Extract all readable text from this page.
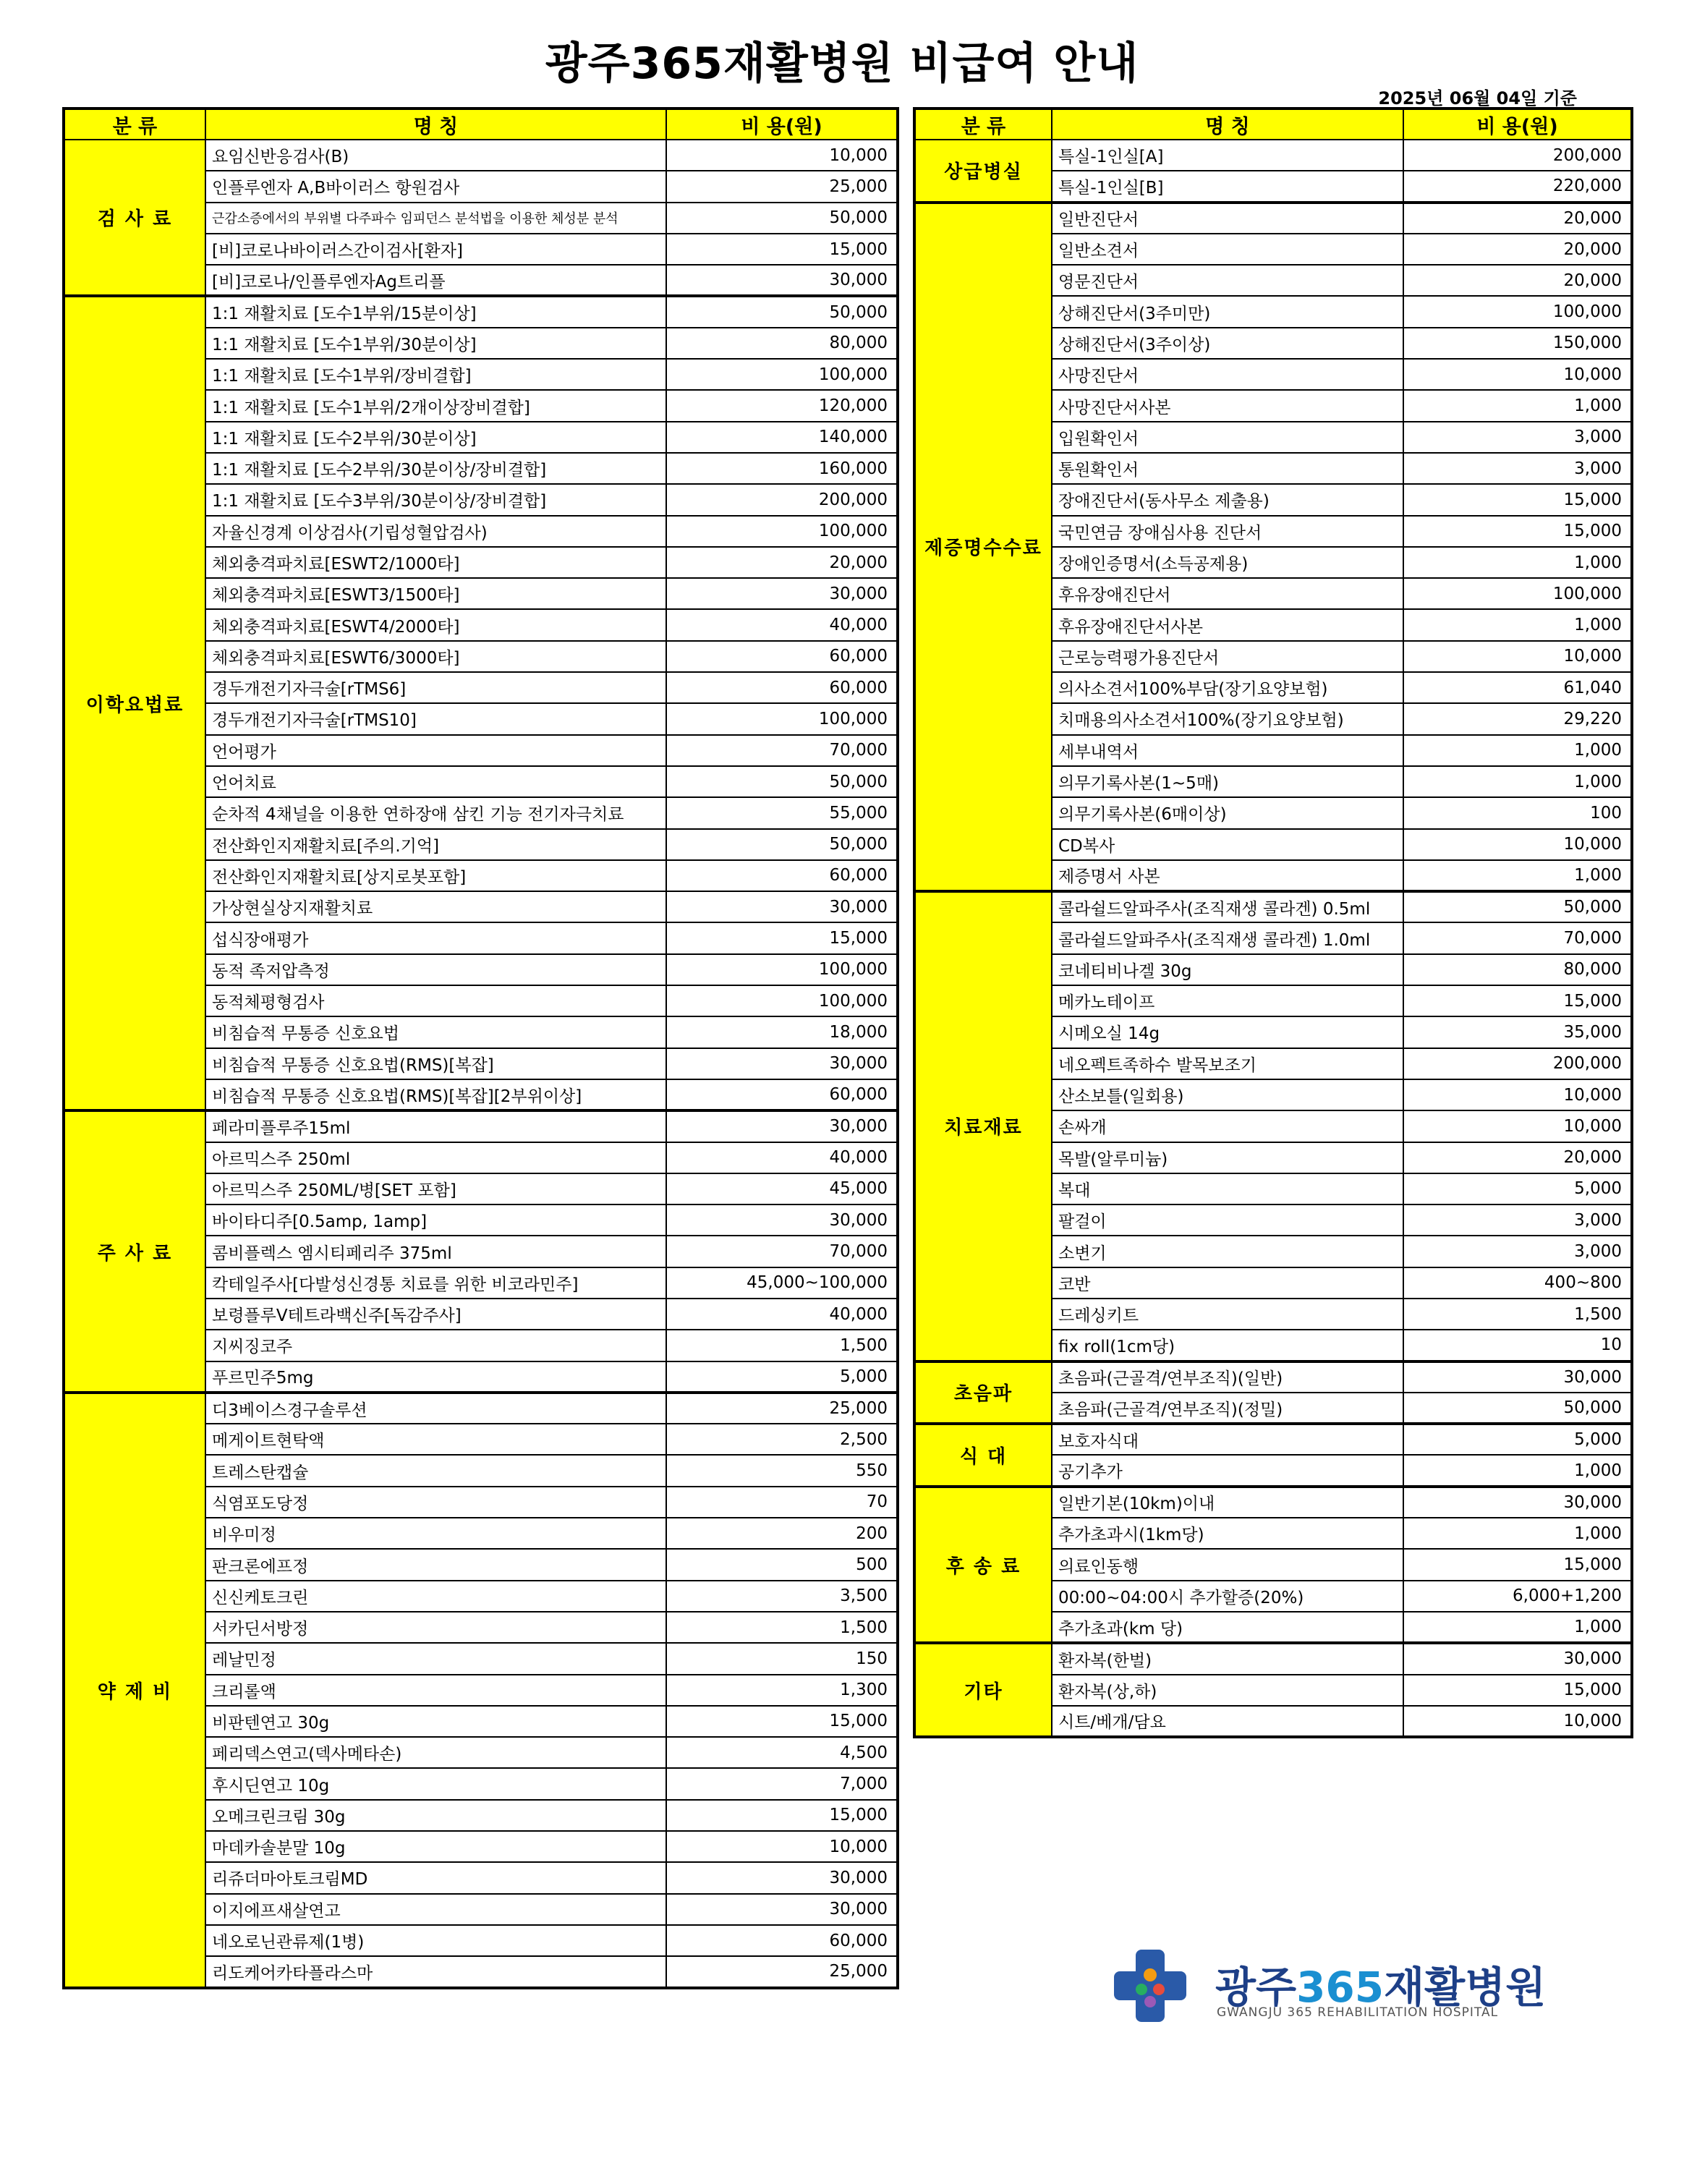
광주365재활병원 비급여 안내
2025년 06월 04일 기준
분 류	명 칭	비 용(원)
검 사 료	요임신반응검사(B)	10,000
	인플루엔자 A,B바이러스 항원검사	25,000
	근감소증에서의 부위별 다주파수 임피던스 분석법을 이용한 체성분 분석	50,000
	[비]코로나바이러스간이검사[환자]	15,000
	[비]코로나/인플루엔자Ag트리플	30,000
이학요법료	1:1 재활치료 [도수1부위/15분이상]	50,000
	1:1 재활치료 [도수1부위/30분이상]	80,000
	1:1 재활치료 [도수1부위/장비결합]	100,000
	1:1 재활치료 [도수1부위/2개이상장비결합]	120,000
	1:1 재활치료 [도수2부위/30분이상]	140,000
	1:1 재활치료 [도수2부위/30분이상/장비결합]	160,000
	1:1 재활치료 [도수3부위/30분이상/장비결합]	200,000
	자율신경계 이상검사(기립성혈압검사)	100,000
	체외충격파치료[ESWT2/1000타]	20,000
	체외충격파치료[ESWT3/1500타]	30,000
	체외충격파치료[ESWT4/2000타]	40,000
	체외충격파치료[ESWT6/3000타]	60,000
	경두개전기자극술[rTMS6]	60,000
	경두개전기자극술[rTMS10]	100,000
	언어평가	70,000
	언어치료	50,000
	순차적 4채널을 이용한 연하장애 삼킨 기능 전기자극치료	55,000
	전산화인지재활치료[주의.기억]	50,000
	전산화인지재활치료[상지로봇포함]	60,000
	가상현실상지재활치료	30,000
	섭식장애평가	15,000
	동적 족저압측정	100,000
	동적체평형검사	100,000
	비침습적 무통증 신호요법	18,000
	비침습적 무통증 신호요법(RMS)[복잡]	30,000
	비침습적 무통증 신호요법(RMS)[복잡][2부위이상]	60,000
주 사 료	페라미플루주15ml	30,000
	아르믹스주 250ml	40,000
	아르믹스주 250ML/병[SET 포함]	45,000
	바이타디주[0.5amp, 1amp]	30,000
	콤비플렉스 엠시티페리주 375ml	70,000
	칵테일주사[다발성신경통 치료를 위한 비코라민주]	45,000~100,000
	보령플루V테트라백신주[독감주사]	40,000
	지씨징코주	1,500
	푸르민주5mg	5,000
약 제 비	디3베이스경구솔루션	25,000
	메게이트현탁액	2,500
	트레스탄캡슐	550
	식염포도당정	70
	비우미정	200
	판크론에프정	500
	신신케토크린	3,500
	서카딘서방정	1,500
	레날민정	150
	크리롤액	1,300
	비판텐연고 30g	15,000
	페리덱스연고(덱사메타손)	4,500
	후시딘연고 10g	7,000
	오메크린크림 30g	15,000
	마데카솔분말 10g	10,000
	리쥬더마아토크림MD	30,000
	이지에프새살연고	30,000
	네오로닌관류제(1병)	60,000
	리도케어카타플라스마	25,000
분 류	명 칭	비 용(원)
상급병실	특실-1인실[A]	200,000
	특실-1인실[B]	220,000
제증명수수료	일반진단서	20,000
	일반소견서	20,000
	영문진단서	20,000
	상해진단서(3주미만)	100,000
	상해진단서(3주이상)	150,000
	사망진단서	10,000
	사망진단서사본	1,000
	입원확인서	3,000
	통원확인서	3,000
	장애진단서(동사무소 제출용)	15,000
	국민연금 장애심사용 진단서	15,000
	장애인증명서(소득공제용)	1,000
	후유장애진단서	100,000
	후유장애진단서사본	1,000
	근로능력평가용진단서	10,000
	의사소견서100%부담(장기요양보험)	61,040
	치매용의사소견서100%(장기요양보험)	29,220
	세부내역서	1,000
	의무기록사본(1~5매)	1,000
	의무기록사본(6매이상)	100
	CD복사	10,000
	제증명서 사본	1,000
치료재료	콜라쉴드알파주사(조직재생 콜라겐) 0.5ml	50,000
	콜라쉴드알파주사(조직재생 콜라겐) 1.0ml	70,000
	코네티비나겔 30g	80,000
	메카노테이프	15,000
	시메오실 14g	35,000
	네오펙트족하수 발목보조기	200,000
	산소보틀(일회용)	10,000
	손싸개	10,000
	목발(알루미늄)	20,000
	복대	5,000
	팔걸이	3,000
	소변기	3,000
	코반	400~800
	드레싱키트	1,500
	fix roll(1cm당)	10
초음파	초음파(근골격/연부조직)(일반)	30,000
	초음파(근골격/연부조직)(정밀)	50,000
식 대	보호자식대	5,000
	공기추가	1,000
후 송 료	일반기본(10km)이내	30,000
	추가초과시(1km당)	1,000
	의료인동행	15,000
	00:00~04:00시 추가할증(20%)	6,000+1,200
	추가초과(km 당)	1,000
기타	환자복(한벌)	30,000
	환자복(상,하)	15,000
	시트/베개/담요	10,000
광주365재활병원
GWANGJU 365 REHABILITATION HOSPITAL
